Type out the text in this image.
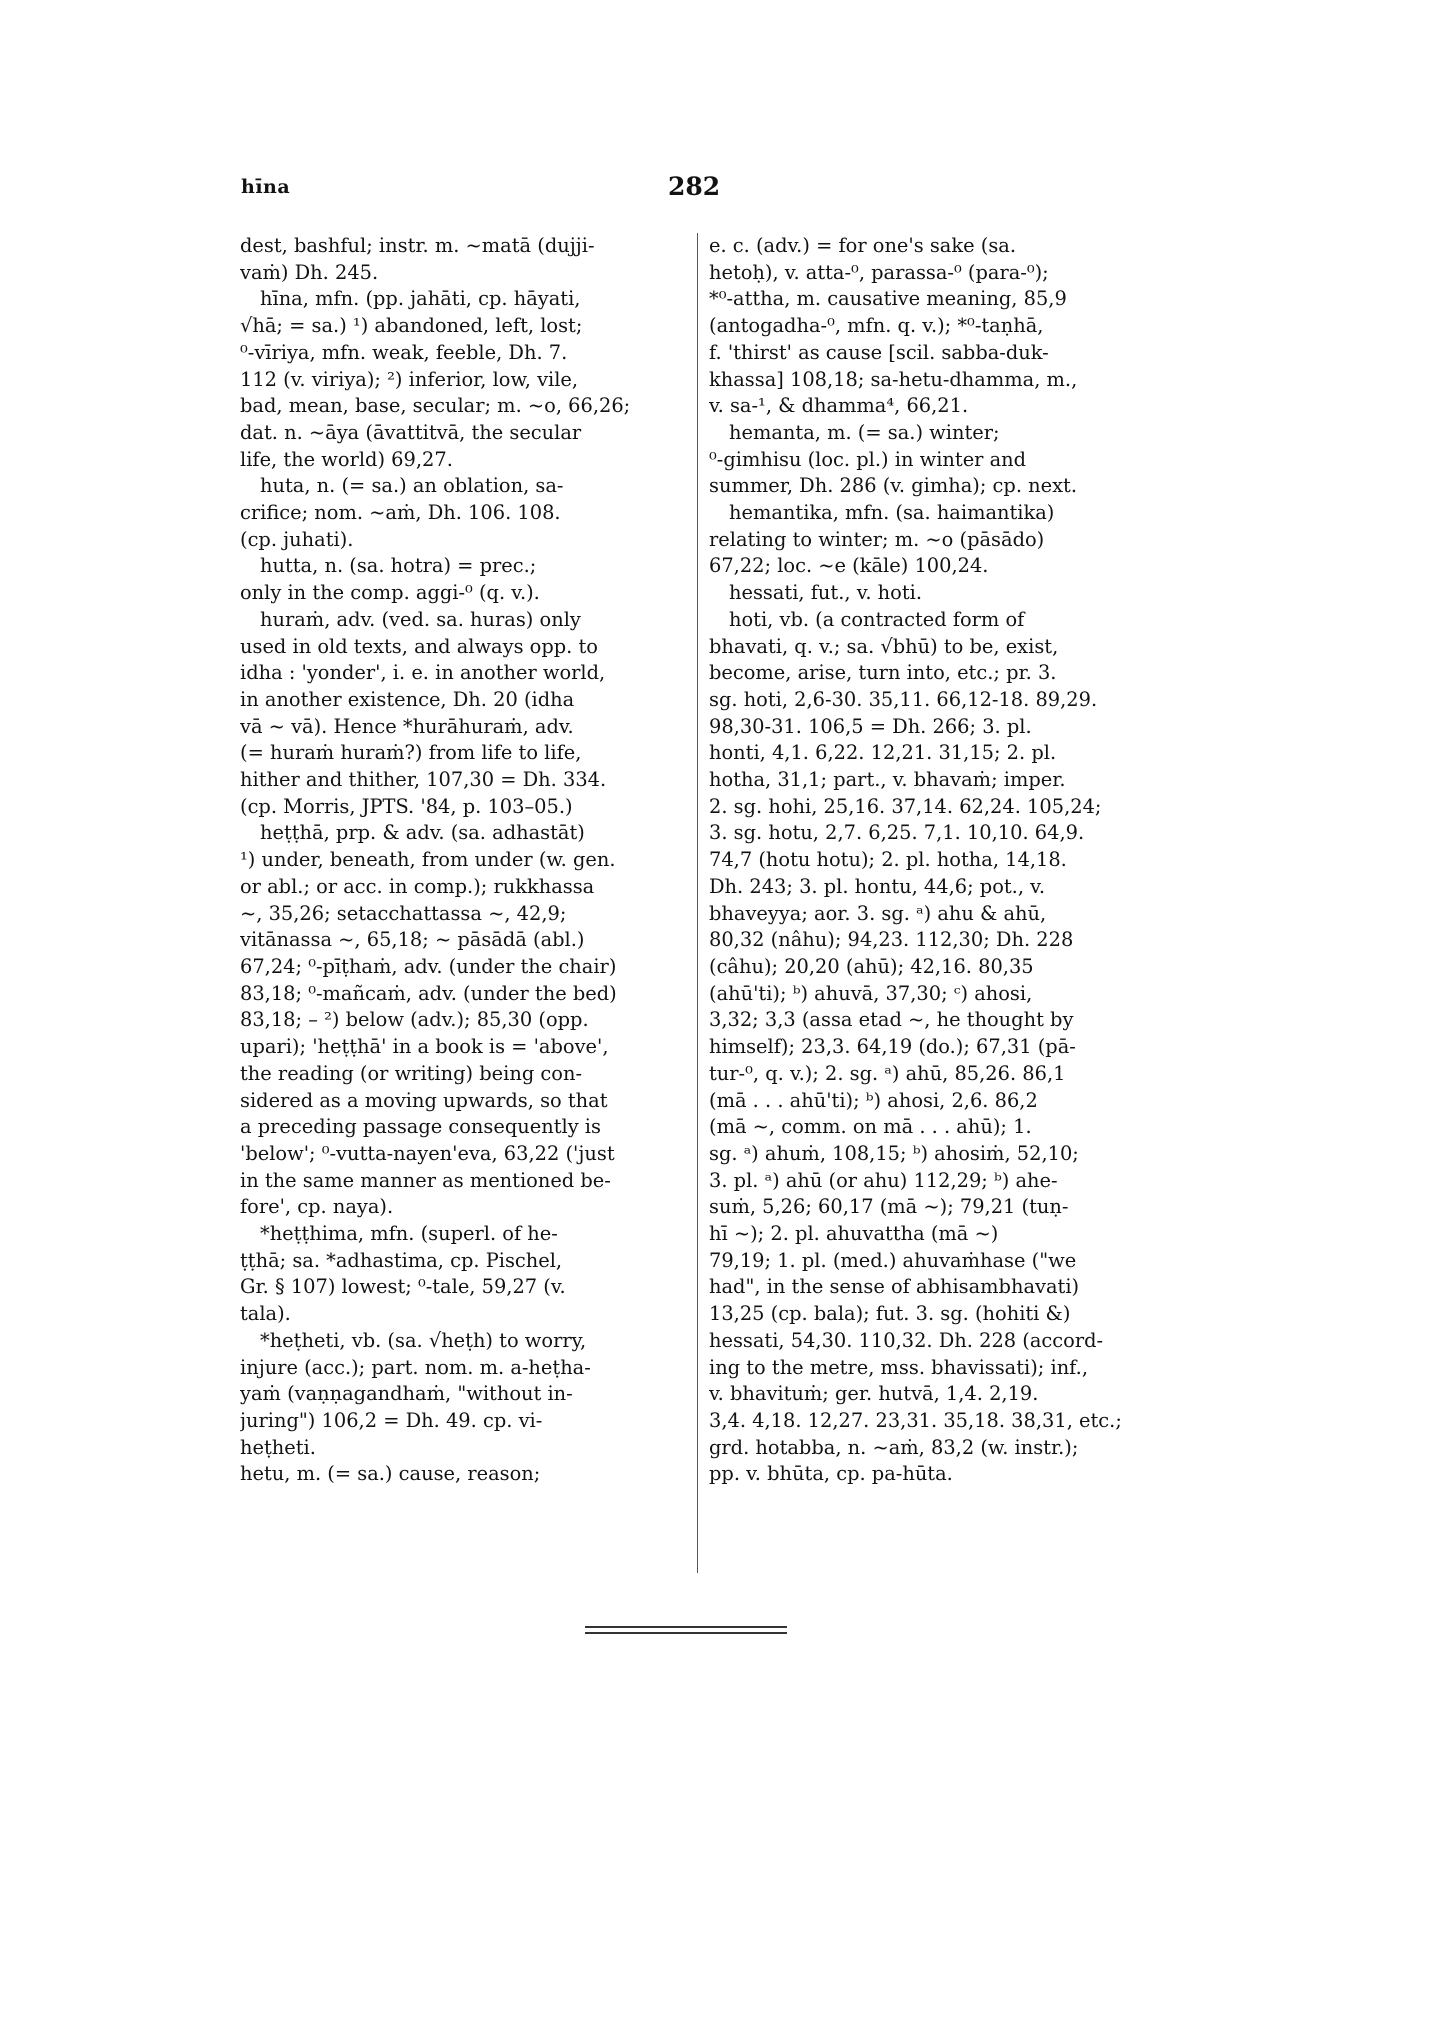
hīna	282
dest, bashful; instr. m. ~matā (dujji-
vaṁ) Dh. 245.
hīna, mfn. (pp. jahāti, cp. hāyati,
√hā; = sa.) ¹) abandoned, left, lost;
⁰-vīriya, mfn. weak, feeble, Dh. 7.
112 (v. viriya); ²) inferior, low, vile,
bad, mean, base, secular; m. ~o, 66,26;
dat. n. ~āya (āvattitvā, the secular
life, the world) 69,27.
huta, n. (= sa.) an oblation, sa-
crifice; nom. ~aṁ, Dh. 106. 108.
(cp. juhati).
hutta, n. (sa. hotra) = prec.;
only in the comp. aggi-⁰ (q. v.).
huraṁ, adv. (ved. sa. huras) only
used in old texts, and always opp. to
idha : 'yonder', i. e. in another world,
in another existence, Dh. 20 (idha
vā ~ vā). Hence *hurāhuraṁ, adv.
(= huraṁ huraṁ?) from life to life,
hither and thither, 107,30 = Dh. 334.
(cp. Morris, JPTS. '84, p. 103–05.)
heṭṭhā, prp. & adv. (sa. adhastāt)
¹) under, beneath, from under (w. gen.
or abl.; or acc. in comp.); rukkhassa
~, 35,26; setacchattassa ~, 42,9;
vitānassa ~, 65,18; ~ pāsādā (abl.)
67,24; ⁰-pīṭhaṁ, adv. (under the chair)
83,18; ⁰-mañcaṁ, adv. (under the bed)
83,18; – ²) below (adv.); 85,30 (opp.
upari); 'heṭṭhā' in a book is = 'above',
the reading (or writing) being con-
sidered as a moving upwards, so that
a preceding passage consequently is
'below'; ⁰-vutta-nayen'eva, 63,22 ('just
in the same manner as mentioned be-
fore', cp. naya).
*heṭṭhima, mfn. (superl. of he-
ṭṭhā; sa. *adhastima, cp. Pischel,
Gr. § 107) lowest; ⁰-tale, 59,27 (v.
tala).
*heṭheti, vb. (sa. √heṭh) to worry,
injure (acc.); part. nom. m. a-heṭha-
yaṁ (vaṇṇagandhaṁ, "without in-
juring") 106,2 = Dh. 49. cp. vi-
heṭheti.
hetu, m. (= sa.) cause, reason;
e. c. (adv.) = for one's sake (sa.
hetoḥ), v. atta-⁰, parassa-⁰ (para-⁰);
*⁰-attha, m. causative meaning, 85,9
(antogadha-⁰, mfn. q. v.); *⁰-taṇhā,
f. 'thirst' as cause [scil. sabba-duk-
khassa] 108,18; sa-hetu-dhamma, m.,
v. sa-¹, & dhamma⁴, 66,21.
hemanta, m. (= sa.) winter;
⁰-gimhisu (loc. pl.) in winter and
summer, Dh. 286 (v. gimha); cp. next.
hemantika, mfn. (sa. haimantika)
relating to winter; m. ~o (pāsādo)
67,22; loc. ~e (kāle) 100,24.
hessati, fut., v. hoti.
hoti, vb. (a contracted form of
bhavati, q. v.; sa. √bhū) to be, exist,
become, arise, turn into, etc.; pr. 3.
sg. hoti, 2,6-30. 35,11. 66,12-18. 89,29.
98,30-31. 106,5 = Dh. 266; 3. pl.
honti, 4,1. 6,22. 12,21. 31,15; 2. pl.
hotha, 31,1; part., v. bhavaṁ; imper.
2. sg. hohi, 25,16. 37,14. 62,24. 105,24;
3. sg. hotu, 2,7. 6,25. 7,1. 10,10. 64,9.
74,7 (hotu hotu); 2. pl. hotha, 14,18.
Dh. 243; 3. pl. hontu, 44,6; pot., v.
bhaveyya; aor. 3. sg. ᵃ) ahu & ahū,
80,32 (nâhu); 94,23. 112,30; Dh. 228
(câhu); 20,20 (ahū); 42,16. 80,35
(ahū'ti); ᵇ) ahuvā, 37,30; ᶜ) ahosi,
3,32; 3,3 (assa etad ~, he thought by
himself); 23,3. 64,19 (do.); 67,31 (pā-
tur-⁰, q. v.); 2. sg. ᵃ) ahū, 85,26. 86,1
(mā . . . ahū'ti); ᵇ) ahosi, 2,6. 86,2
(mā ~, comm. on mā . . . ahū); 1.
sg. ᵃ) ahuṁ, 108,15; ᵇ) ahosiṁ, 52,10;
3. pl. ᵃ) ahū (or ahu) 112,29; ᵇ) ahe-
suṁ, 5,26; 60,17 (mā ~); 79,21 (tuṇ-
hī ~); 2. pl. ahuvattha (mā ~)
79,19; 1. pl. (med.) ahuvaṁhase ("we
had", in the sense of abhisambhavati)
13,25 (cp. bala); fut. 3. sg. (hohiti &)
hessati, 54,30. 110,32. Dh. 228 (accord-
ing to the metre, mss. bhavissati); inf.,
v. bhavituṁ; ger. hutvā, 1,4. 2,19.
3,4. 4,18. 12,27. 23,31. 35,18. 38,31, etc.;
grd. hotabba, n. ~aṁ, 83,2 (w. instr.);
pp. v. bhūta, cp. pa-hūta.
